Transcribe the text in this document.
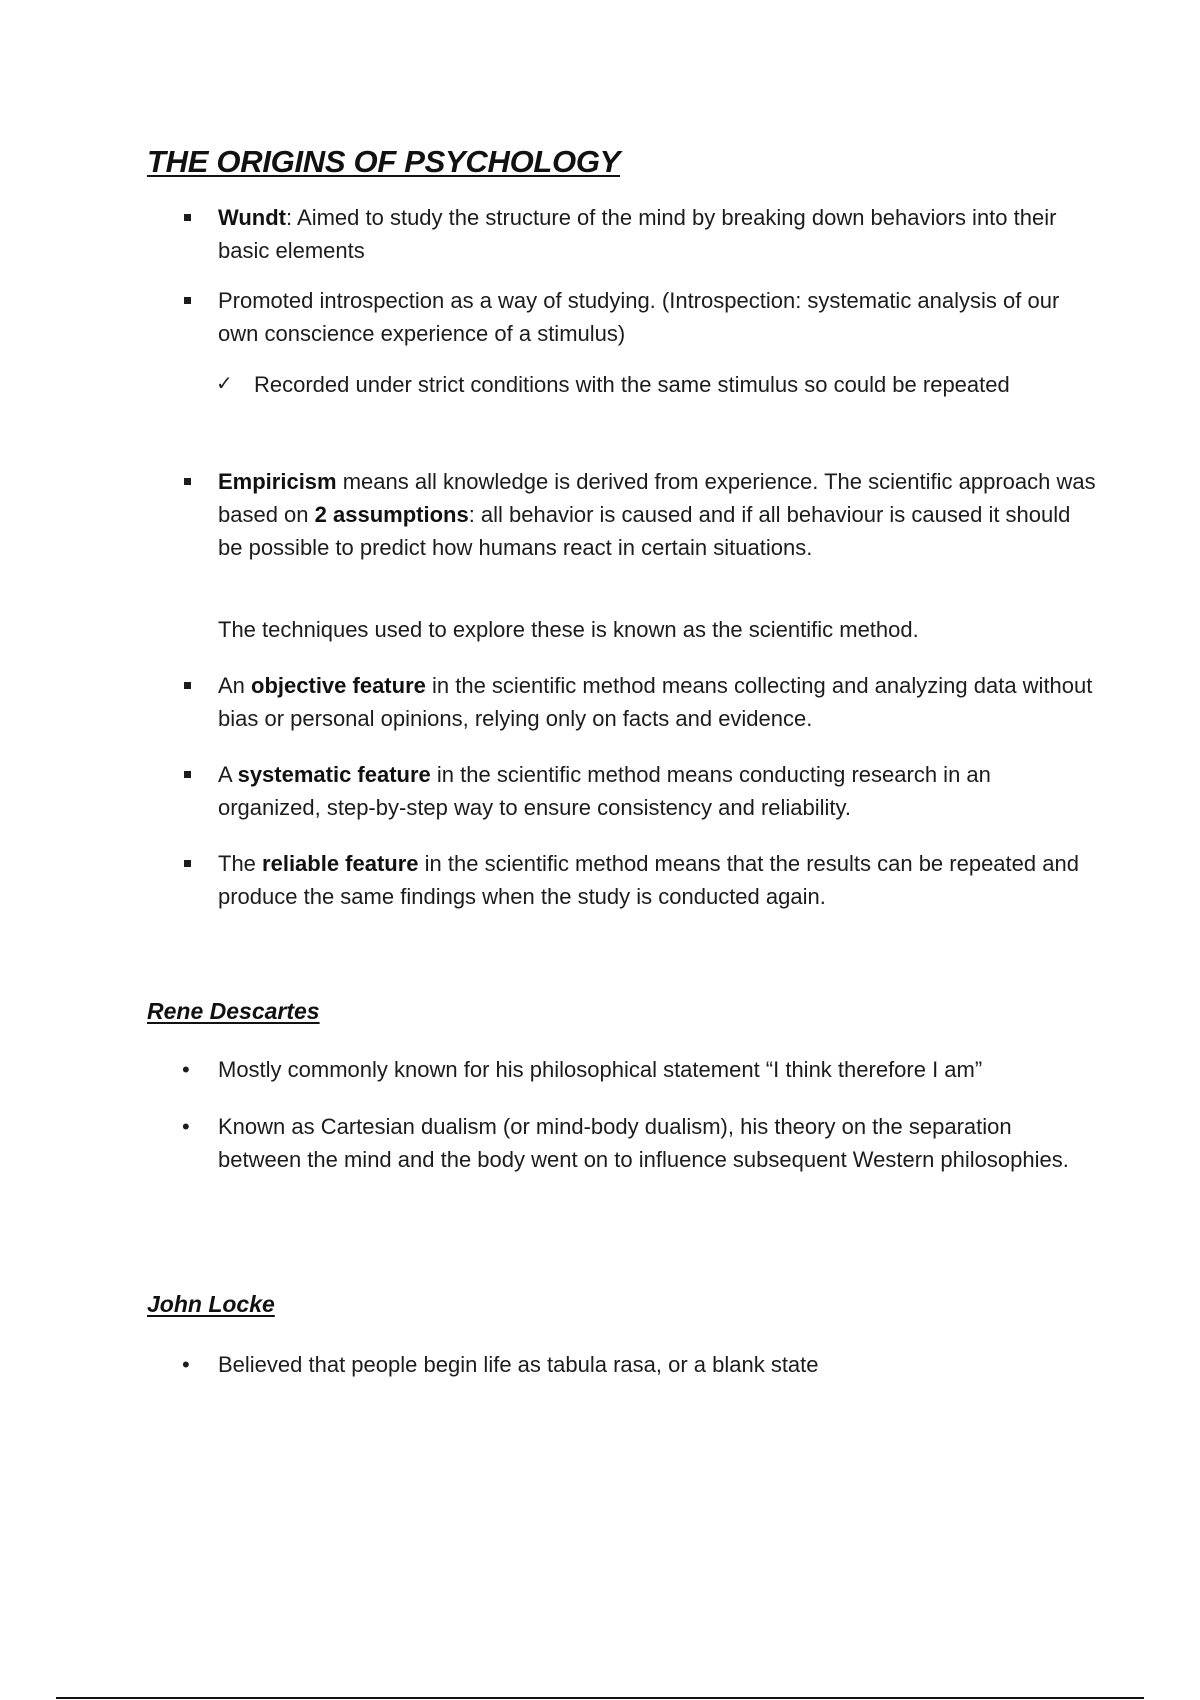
THE ORIGINS OF PSYCHOLOGY

Wundt: Aimed to study the structure of the mind by breaking down behaviors into their basic elements

Promoted introspection as a way of studying. (Introspection: systematic analysis of our own conscience experience of a stimulus)

✓ Recorded under strict conditions with the same stimulus so could be repeated

Empiricism means all knowledge is derived from experience. The scientific approach was based on 2 assumptions: all behavior is caused and if all behaviour is caused it should be possible to predict how humans react in certain situations.

The techniques used to explore these is known as the scientific method.

An objective feature in the scientific method means collecting and analyzing data without bias or personal opinions, relying only on facts and evidence.

A systematic feature in the scientific method means conducting research in an organized, step-by-step way to ensure consistency and reliability.

The reliable feature in the scientific method means that the results can be repeated and produce the same findings when the study is conducted again.

Rene Descartes

• Mostly commonly known for his philosophical statement “I think therefore I am”

• Known as Cartesian dualism (or mind-body dualism), his theory on the separation between the mind and the body went on to influence subsequent Western philosophies.

John Locke

• Believed that people begin life as tabula rasa, or a blank state
